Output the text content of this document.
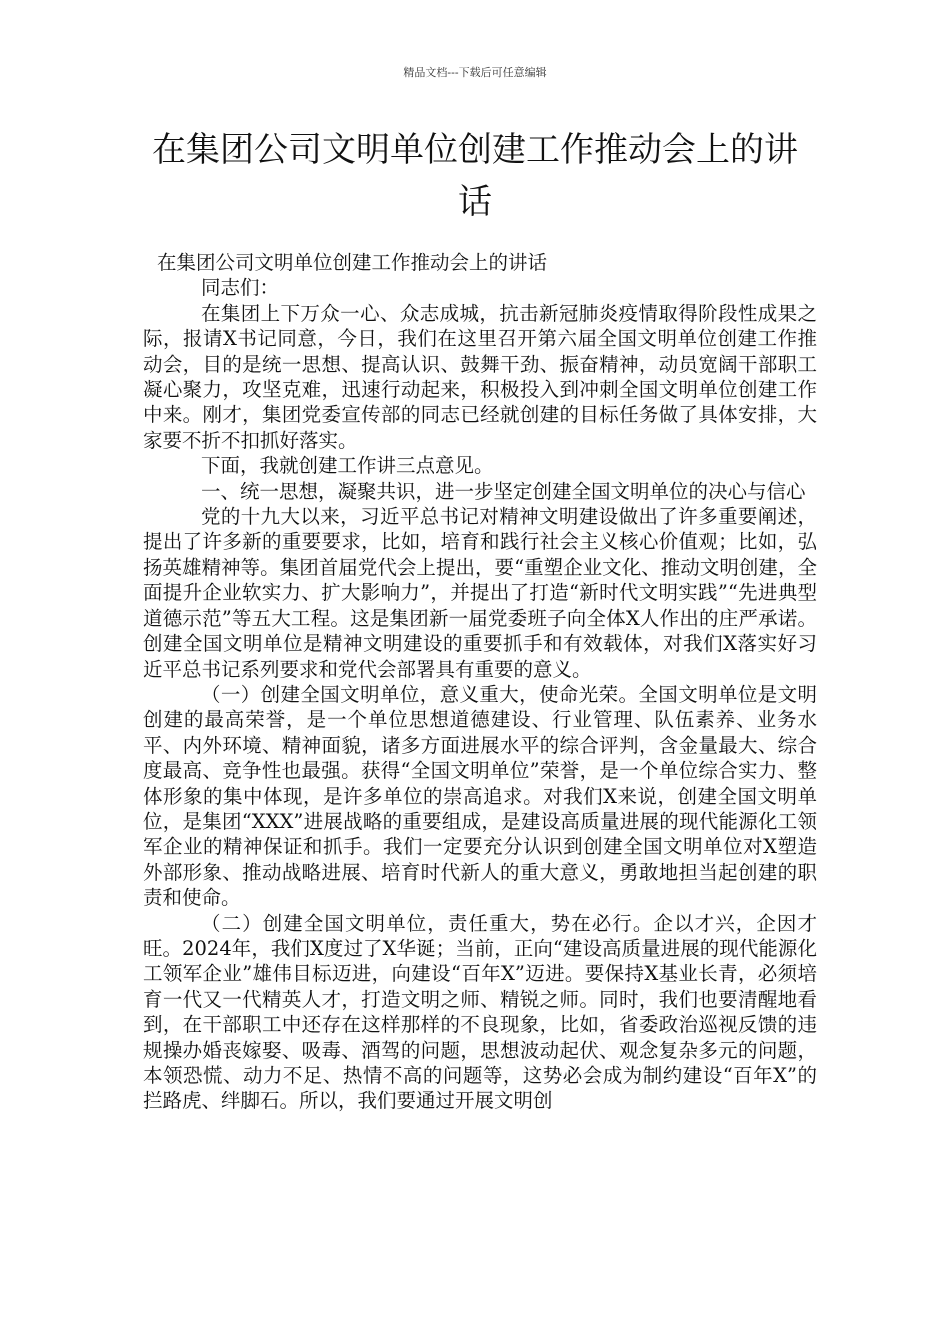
精品文档---下载后可任意编辑
在集团公司文明单位创建工作推动会上的讲话

在集团公司文明单位创建工作推动会上的讲话

同志们：

在集团上下万众一心、众志成城，抗击新冠肺炎疫情取得阶段性成果之际，报请X书记同意，今日，我们在这里召开第六届全国文明单位创建工作推动会，目的是统一思想、提高认识、鼓舞干劲、振奋精神，动员宽阔干部职工凝心聚力，攻坚克难，迅速行动起来，积极投入到冲刺全国文明单位创建工作中来。刚才，集团党委宣传部的同志已经就创建的目标任务做了具体安排，大家要不折不扣抓好落实。

下面，我就创建工作讲三点意见。

一、统一思想，凝聚共识，进一步坚定创建全国文明单位的决心与信心

党的十九大以来，习近平总书记对精神文明建设做出了许多重要阐述，提出了许多新的重要要求，比如，培育和践行社会主义核心价值观；比如，弘扬英雄精神等。集团首届党代会上提出，要“重塑企业文化、推动文明创建，全面提升企业软实力、扩大影响力”，并提出了打造“新时代文明实践”“先进典型道德示范”等五大工程。这是集团新一届党委班子向全体X人作出的庄严承诺。创建全国文明单位是精神文明建设的重要抓手和有效载体，对我们X落实好习近平总书记系列要求和党代会部署具有重要的意义。

（一）创建全国文明单位，意义重大，使命光荣。全国文明单位是文明创建的最高荣誉，是一个单位思想道德建设、行业管理、队伍素养、业务水平、内外环境、精神面貌，诸多方面进展水平的综合评判，含金量最大、综合度最高、竞争性也最强。获得“全国文明单位”荣誉，是一个单位综合实力、整体形象的集中体现，是许多单位的崇高追求。对我们X来说，创建全国文明单位，是集团“XXX”进展战略的重要组成，是建设高质量进展的现代能源化工领军企业的精神保证和抓手。我们一定要充分认识到创建全国文明单位对X塑造外部形象、推动战略进展、培育时代新人的重大意义，勇敢地担当起创建的职责和使命。

（二）创建全国文明单位，责任重大，势在必行。企以才兴，企因才旺。2024年，我们X度过了X华诞；当前，正向“建设高质量进展的现代能源化工领军企业”雄伟目标迈进，向建设“百年X”迈进。要保持X基业长青，必须培育一代又一代精英人才，打造文明之师、精锐之师。同时，我们也要清醒地看到，在干部职工中还存在这样那样的不良现象，比如，省委政治巡视反馈的违规操办婚丧嫁娶、吸毒、酒驾的问题，思想波动起伏、观念复杂多元的问题，本领恐慌、动力不足、热情不高的问题等，这势必会成为制约建设“百年X”的拦路虎、绊脚石。所以，我们要通过开展文明创
